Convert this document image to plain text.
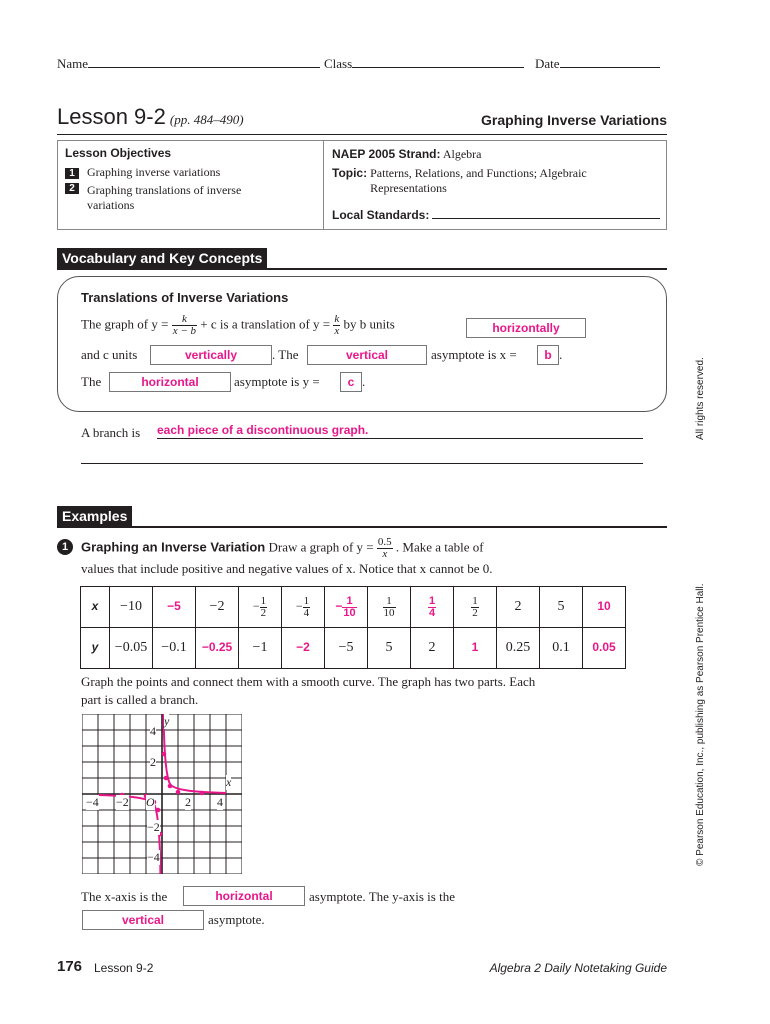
Name	Class	Date
Lesson 9-2 (pp. 484–490)	Graphing Inverse Variations
Lesson Objectives
1 Graphing inverse variations
2 Graphing translations of inverse variations
NAEP 2005 Strand: Algebra
Topic: Patterns, Relations, and Functions; Algebraic Representations
Local Standards:
Vocabulary and Key Concepts
Translations of Inverse Variations
The graph of $y = \frac{k}{x - b} + c$ is a translation of $y = \frac{k}{x}$ by b units	horizontally
and c units	vertically	. The	vertical	asymptote is x =	b .
The	horizontal	asymptote is y =	c .
A branch is each piece of a discontinuous graph.
Examples
1 Graphing an Inverse Variation Draw a graph of $y = \frac{0.5}{x}$ . Make a table of
values that include positive and negative values of x. Notice that x cannot be 0.
x	−10	−5	−2	− $\frac{1}{2}$	− $\frac{1}{4}$	− $\frac{1}{10}$	$\frac{1}{10}$	$\frac{1}{4}$	$\frac{1}{2}$	2	5	10
y	−0.05	−0.1	−0.25	−1	−2	−5	5	2	1	0.25	0.1	0.05
Graph the points and connect them with a smooth curve. The graph has two parts. Each part is called a branch.
y
x
4
2
−4 −2 O	2 4
−2
−4
The x-axis is the	horizontal	asymptote. The y-axis is the
vertical	asymptote.
All rights reserved.
© Pearson Education, Inc., publishing as Pearson Prentice Hall.
176 Lesson 9-2	Algebra 2 Daily Notetaking Guide
